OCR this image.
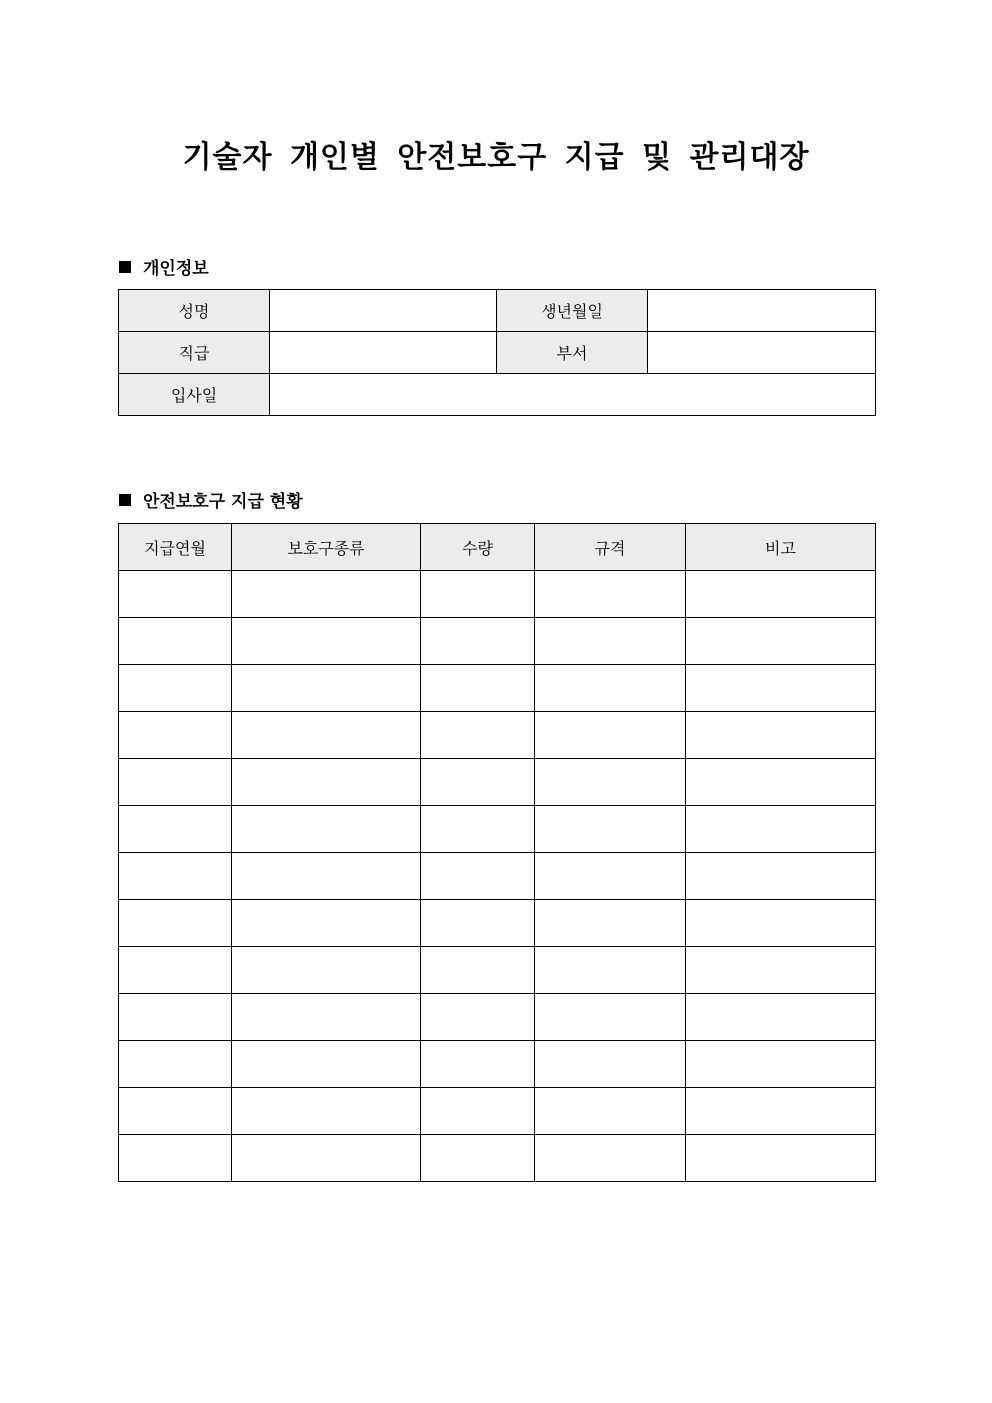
기술자 개인별 안전보호구 지급 및 관리대장
개인정보
성명		생년월일	
직급		부서	
입사일			
안전보호구 지급 현황
지급연월	보호구종류	수량	규격	비고
